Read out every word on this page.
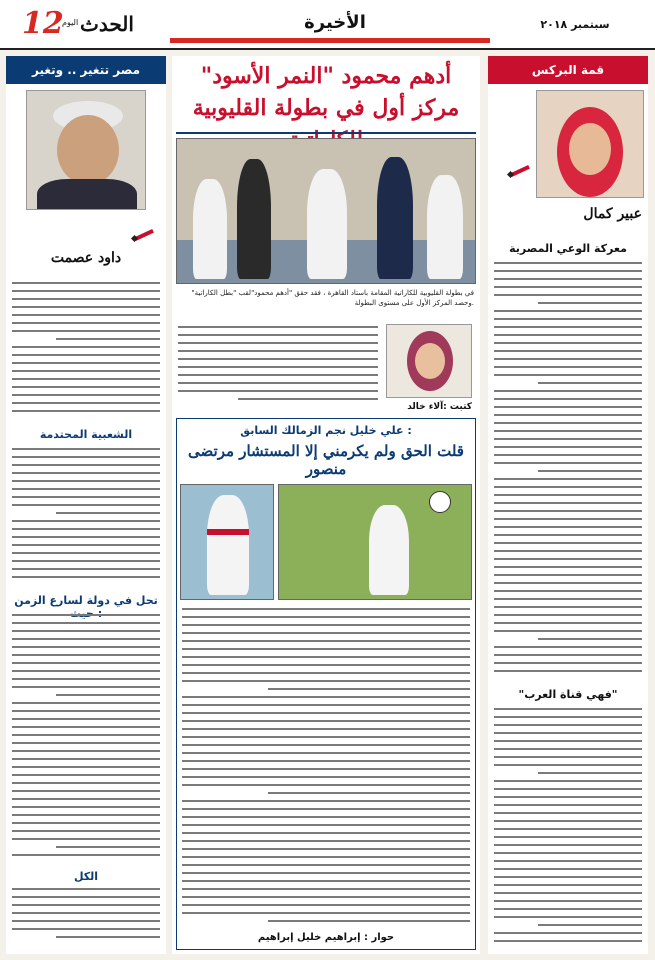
سبتمبر ٢٠١٨
الأخيرة
12
اليوم الحدث
قمة البركس
عبير كمال
معركة الوعي المصرية
"فهي قناة العرب"
مصر تتغير .. وتغير
داود عصمت
الشعبية المحتدمة
تحل في دولة لسارع الزمن
الكل
أدهم محمود "النمر الأسود" مركز أول في بطولة القليوبية
في بطولة القليوبية للكاراتية المقامة باستاد القاهرة ، فقد حقق "أدهم محمود"لقب "بطل الكاراتية" وحصد المركز الأول على مستوى البطولة.
كتبت :آلاء خالد
علي خليل نجم الزمالك السابق :
قلت الحق ولم يكرمني إلا المستشار مرتضى منصور
حوار : إبراهيم خليل إبراهيم
